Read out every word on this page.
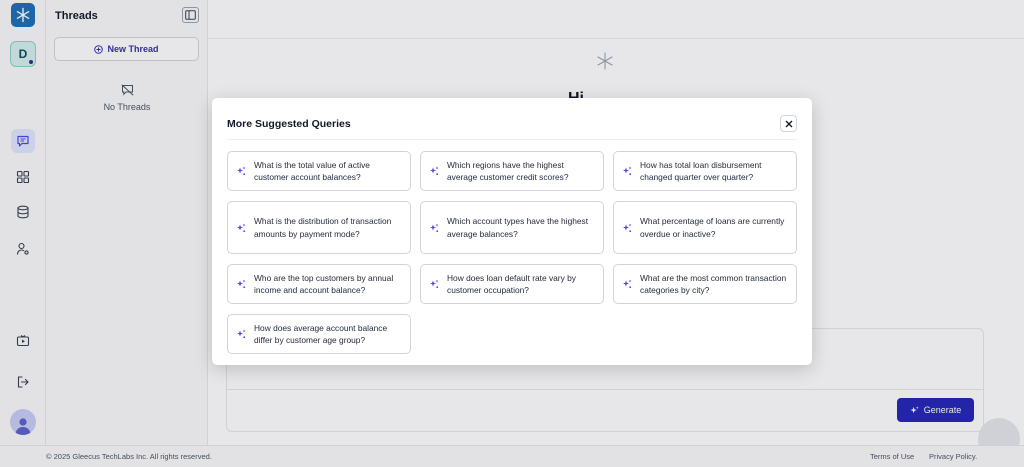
D
Threads
New Thread
No Threads
Generate
© 2025 Gleecus TechLabs Inc. All rights reserved.	Terms of Use Privacy Policy.
More Suggested Queries
What is the total value of active customer account balances?
Which regions have the highest average customer credit scores?
How has total loan disbursement changed quarter over quarter?
What is the distribution of transaction amounts by payment mode?
Which account types have the highest average balances?
What percentage of loans are currently overdue or inactive?
Who are the top customers by annual income and account balance?
How does loan default rate vary by customer occupation?
What are the most common transaction categories by city?
How does average account balance differ by customer age group?
